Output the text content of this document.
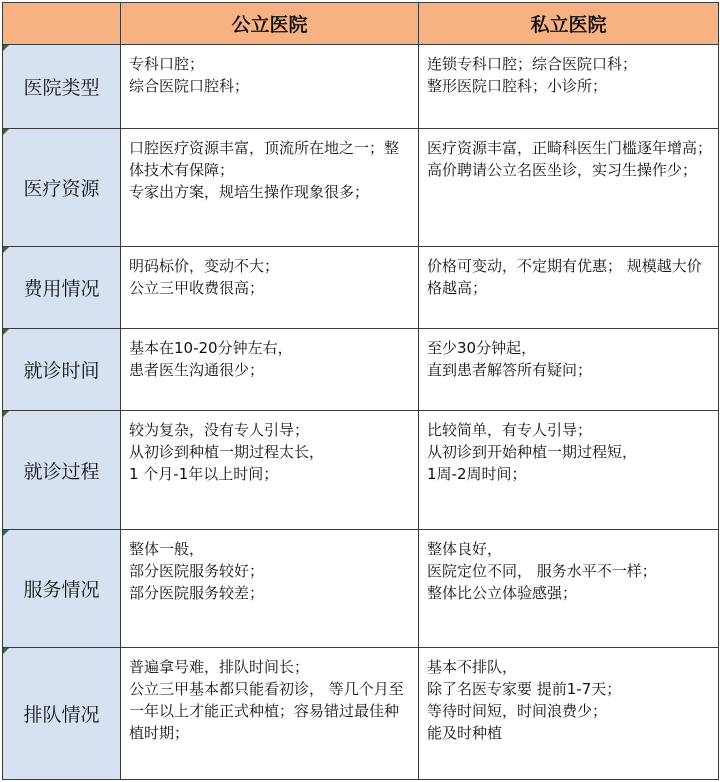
	公立医院	私立医院
医院类型	专科口腔；
综合医院口腔科；	连锁专科口腔；综合医院口科；
整形医院口腔科；小诊所；

医疗资源	口腔医疗资源丰富，顶流所在地之一；整体技术有保障；
专家出方案，规培生操作现象很多；	医疗资源丰富，正畸科医生门槛逐年增高；
高价聘请公立名医坐诊，实习生操作少；

费用情况	明码标价，变动不大；
公立三甲收费很高；	价格可变动，不定期有优惠； 规模越大价格越高；

就诊时间	基本在10-20分钟左右，
患者医生沟通很少；	至少30分钟起，
直到患者解答所有疑问；

就诊过程	较为复杂，没有专人引导；
从初诊到种植一期过程太长，
1 个月-1年以上时间；	比较简单，有专人引导；
从初诊到开始种植一期过程短，
1周-2周时间；

服务情况	整体一般，
部分医院服务较好；
部分医院服务较差；	整体良好，
医院定位不同， 服务水平不一样；
整体比公立体验感强；

排队情况	普遍拿号难，排队时间长；
公立三甲基本都只能看初诊， 等几个月至一年以上才能正式种植；容易错过最佳种植时期；	基本不排队，
除了名医专家要 提前1-7天；
等待时间短，时间浪费少；
能及时种植
